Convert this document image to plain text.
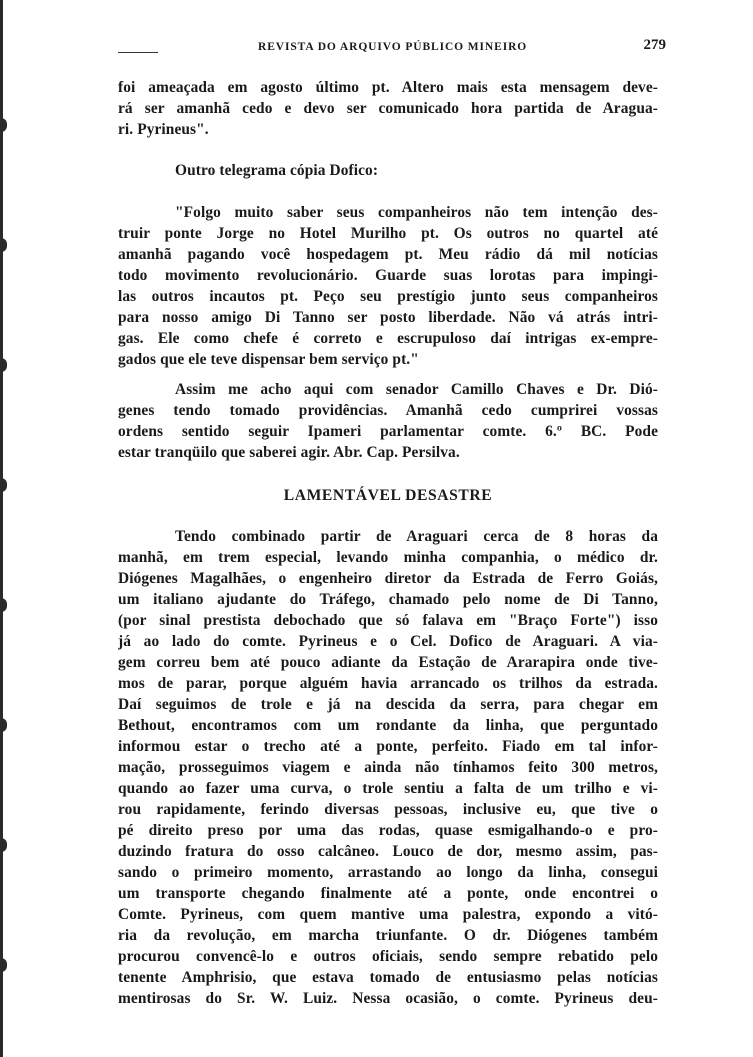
REVISTA DO ARQUIVO PÚBLICO MINEIRO	279
foi ameaçada em agosto último pt. Altero mais esta mensagem deve-
rá ser amanhã cedo e devo ser comunicado hora partida de Aragua-
ri. Pyrineus".
Outro telegrama cópia Dofico:
"Folgo muito saber seus companheiros não tem intenção des-
truir ponte Jorge no Hotel Murilho pt. Os outros no quartel até
amanhã pagando você hospedagem pt. Meu rádio dá mil notícias
todo movimento revolucionário. Guarde suas lorotas para impingi-
las outros incautos pt. Peço seu prestígio junto seus companheiros
para nosso amigo Di Tanno ser posto liberdade. Não vá atrás intri-
gas. Ele como chefe é correto e escrupuloso daí intrigas ex-empre-
gados que ele teve dispensar bem serviço pt."
Assim me acho aqui com senador Camillo Chaves e Dr. Dió-
genes tendo tomado providências. Amanhã cedo cumprirei vossas
ordens sentido seguir Ipameri parlamentar comte. 6.º BC. Pode
estar tranqüilo que saberei agir. Abr. Cap. Persilva.
LAMENTÁVEL DESASTRE
Tendo combinado partir de Araguari cerca de 8 horas da
manhã, em trem especial, levando minha companhia, o médico dr.
Diógenes Magalhães, o engenheiro diretor da Estrada de Ferro Goiás,
um italiano ajudante do Tráfego, chamado pelo nome de Di Tanno,
(por sinal prestista debochado que só falava em "Braço Forte") isso
já ao lado do comte. Pyrineus e o Cel. Dofico de Araguari. A via-
gem correu bem até pouco adiante da Estação de Ararapira onde tive-
mos de parar, porque alguém havia arrancado os trilhos da estrada.
Daí seguimos de trole e já na descida da serra, para chegar em
Bethout, encontramos com um rondante da linha, que perguntado
informou estar o trecho até a ponte, perfeito. Fiado em tal infor-
mação, prosseguimos viagem e ainda não tínhamos feito 300 metros,
quando ao fazer uma curva, o trole sentiu a falta de um trilho e vi-
rou rapidamente, ferindo diversas pessoas, inclusive eu, que tive o
pé direito preso por uma das rodas, quase esmigalhando-o e pro-
duzindo fratura do osso calcâneo. Louco de dor, mesmo assim, pas-
sando o primeiro momento, arrastando ao longo da linha, consegui
um transporte chegando finalmente até a ponte, onde encontrei o
Comte. Pyrineus, com quem mantive uma palestra, expondo a vitó-
ria da revolução, em marcha triunfante. O dr. Diógenes também
procurou convencê-lo e outros oficiais, sendo sempre rebatido pelo
tenente Amphrisio, que estava tomado de entusiasmo pelas notícias
mentirosas do Sr. W. Luiz. Nessa ocasião, o comte. Pyrineus deu-
